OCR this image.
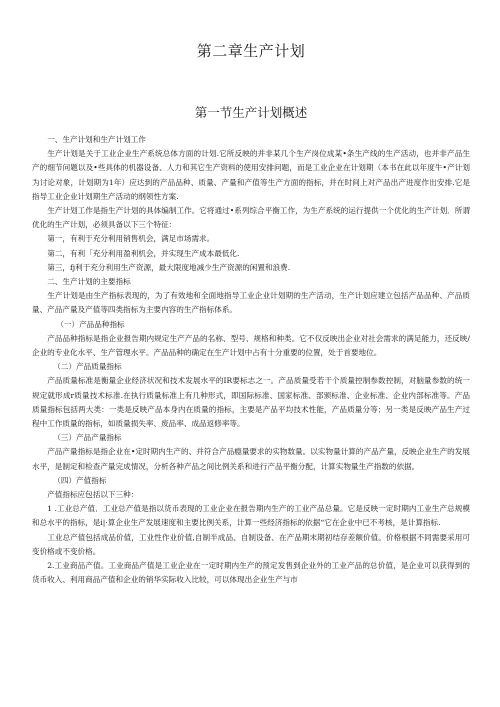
第二章生产计划
第一节生产计划概述

一、生产计划和生产计划工作

生产计划是关于工业企业生产系统总体方面的计划.它所反映的并非某几个生产岗位成某•条生产线的生产活动，也并非产品生产的细节问题以及•些具体的机器设备、人力和其它生产资料的使用安排问题，而是工业企业在计划期（本书在此以年度牛•产计划为讨论对象，计划期为1年）应达到的产品品种、质量、产量和产值等生产方面的指标，并在时间上对产品出产进度作出安排.它是指导工业企业计划期生产活动的纲领性方案.

生产计划工作是指生产计划的具体编制工作。它将通过•系列综合平衡工作，为生产系统的运行提供一个优化的生产计划．所谓优化的生产计划，必须具备以下三个特征：

第一，有利于充分利用销售机会，满足市场需求。

第二，有利「充分利用盈利机会，并实现生产成本最低化.

第三，fj利于充分利用生产资源，最大限度地减少生产资源的闲置和浪费.

二、生产计划的主要指标

生产计划是由生产指标表现的，为了有效地和全面地指导工业企业计划期的生产活动，生产计划应建立包括产品品种、产品质量、产品产量及产值等四类指标为主要内容的生产指标体系。

（一）产品品种指标

产品品种指标是指企业报告期内规定生产产品的名称、型号、规格和种类。它不仅反映出企业对社会需求的满足能力，还反映/企业的专业化水平、生产管理水平。产品品种的确定在生产计划中占有十分重要的位置，处于首要地位。

（二）产品质量指标

产品质量标准是衡量企业经济状况和技术发展水平的IR要标志之一。产品质量受若干个质量控制参数控制，对脑量参数的统一规定就形成r质量技术标准.在执行质量标准上有几种形式，即国际标准、国家标准、部颁标准、企业标准、企业内部标准等。产品质量指标包括两大类：一类是反映产品本身内在质量的指标，主要是产品平均技术性能，产品质量分等；另一类是反映产品生产过程中工作质量的指标，如质量损失率、废品率、成品返修率等。

（三）产品产量指标

产品产量指标是指企业在•定时期内生产的、并符合产品瘾量要求的实物数量。以实物量计算的产品产量，反映企业生产的发展水平，是制定和检查产量完成情况，分析各种产品之间比例关系和进行产品平衡分配，计算实物量生产指数的依据。

（四）产值指标

产值指标应包括以下三种：

1 .工业总产值．工业总产值是指以货币表现的工业企业在报告期内生产的工业产品总量。它是反映一定时期内工业生产总规模和总水平的指标，是i|·算企业生产发展速度和主要比例关系，计算一些经济指标的依据“它在企业中已不考核，是计算指标.

工业总产值包括成品价值，工业性作业价值,自制半成品、自制设备、在产品期末期初结存差额价值。价格根据不同需要采用可变价格或不变价格。

2.工业商品产值。工业商品产值是工业企业在一定时期内生产的预定发售到企业外的工业产品的总价值，是企业可以获得到的货币收入、利用商品产值和企业的销华实际收入比较，可以体现出企业生产与市
